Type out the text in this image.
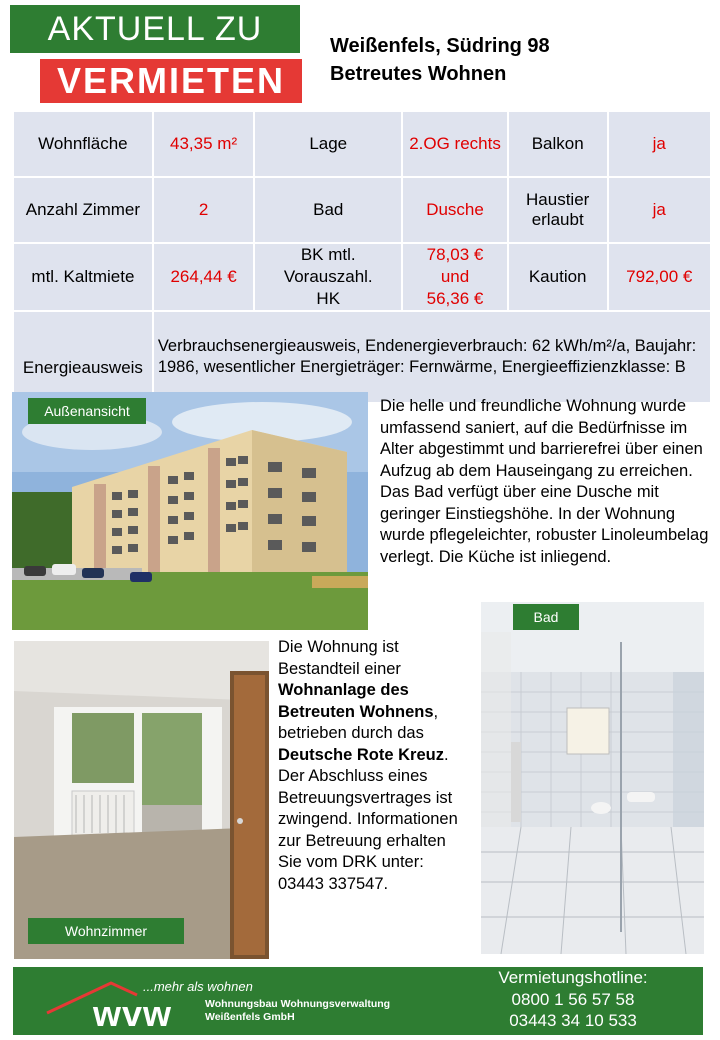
AKTUELL ZU
VERMIETEN
Weißenfels, Südring 98
Betreutes Wohnen
Wohnfläche	43,35 m²	Lage	2.OG rechts	Balkon	ja
Anzahl Zimmer	2	Bad	Dusche	Haustier erlaubt	ja
mtl. Kaltmiete	264,44 €	BK mtl. Vorauszahl. HK	78,03 € und 56,36 €	Kaution	792,00 €
Energieausweis	Verbrauchsenergieausweis, Endenergieverbrauch: 62 kWh/m²/a, Baujahr: 1986, wesentlicher Energieträger: Fernwärme, Energieeffizienzklasse: B				
Außenansicht	Die helle und freundliche Wohnung wurde umfassend saniert, auf die Bedürfnisse im Alter abgestimmt und barrierefrei über einen Aufzug ab dem Hauseingang zu erreichen. Das Bad verfügt über eine Dusche mit geringer Einstiegshöhe. In der Wohnung wurde pflegeleichter, robuster Linoleumbelag verlegt. Die Küche ist inliegend.
Wohnzimmer
Die Wohnung ist Bestandteil einer Wohnanlage des Betreuten Wohnens, betrieben durch das Deutsche Rote Kreuz. Der Abschluss eines Betreuungsvertrages ist zwingend. Informationen zur Betreuung erhalten Sie vom DRK unter: 03443 337547.
Bad
...mehr als wohnen
wvw	Wohnungsbau Wohnungsverwaltung
Weißenfels GmbH
Vermietungshotline:
0800 1 56 57 58
03443 34 10 533
